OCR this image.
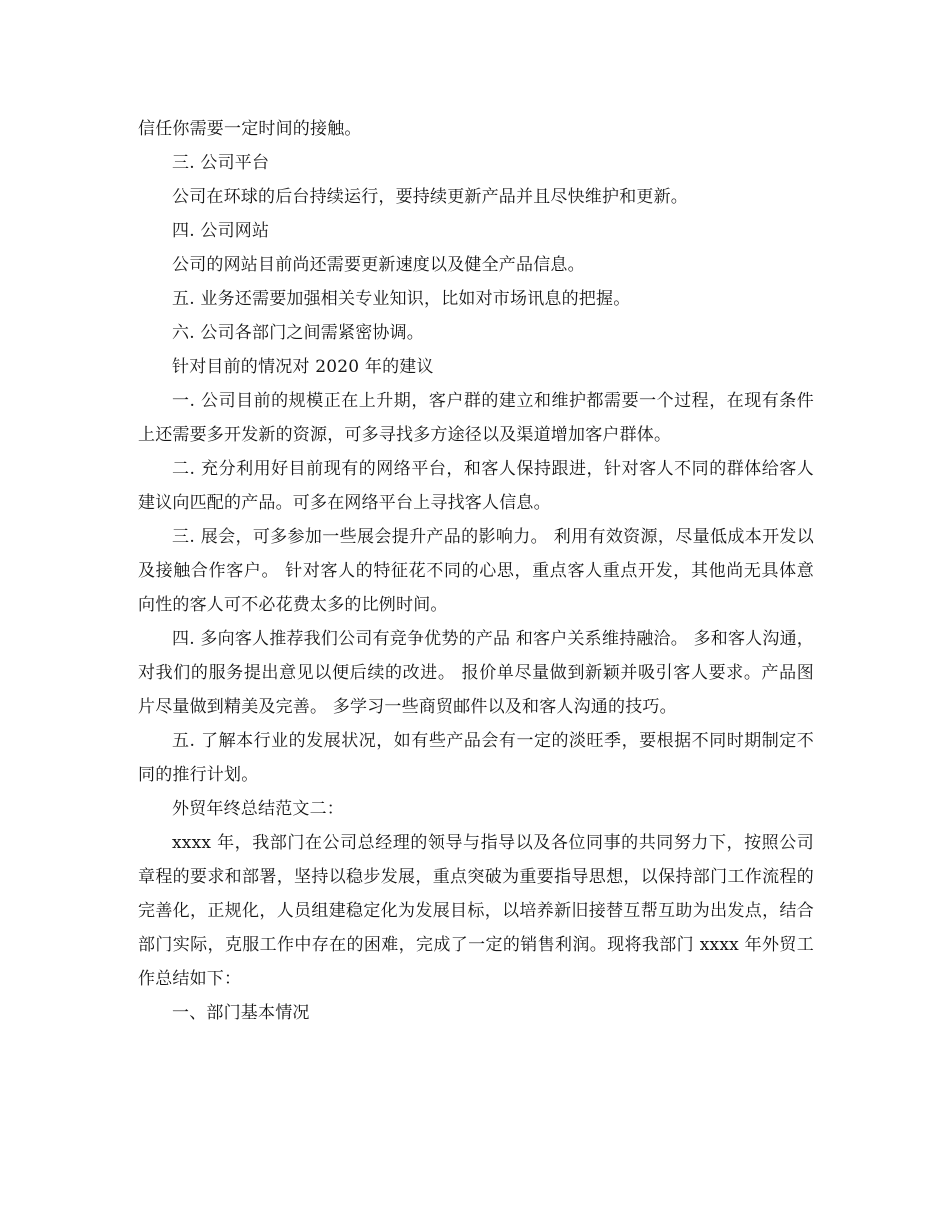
信任你需要一定时间的接触。

三. 公司平台

公司在环球的后台持续运行，要持续更新产品并且尽快维护和更新。

四. 公司网站

公司的网站目前尚还需要更新速度以及健全产品信息。

五. 业务还需要加强相关专业知识，比如对市场讯息的把握。

六. 公司各部门之间需紧密协调。

针对目前的情况对 2020 年的建议

一. 公司目前的规模正在上升期，客户群的建立和维护都需要一个过程，在现有条件上还需要多开发新的资源，可多寻找多方途径以及渠道增加客户群体。

二. 充分利用好目前现有的网络平台，和客人保持跟进，针对客人不同的群体给客人建议向匹配的产品。可多在网络平台上寻找客人信息。

三. 展会，可多参加一些展会提升产品的影响力。 利用有效资源，尽量低成本开发以及接触合作客户。 针对客人的特征花不同的心思，重点客人重点开发，其他尚无具体意向性的客人可不必花费太多的比例时间。

四. 多向客人推荐我们公司有竞争优势的产品 和客户关系维持融洽。 多和客人沟通，对我们的服务提出意见以便后续的改进。 报价单尽量做到新颖并吸引客人要求。产品图片尽量做到精美及完善。 多学习一些商贸邮件以及和客人沟通的技巧。

五. 了解本行业的发展状况，如有些产品会有一定的淡旺季，要根据不同时期制定不同的推行计划。

外贸年终总结范文二：

xxxx 年，我部门在公司总经理的领导与指导以及各位同事的共同努力下，按照公司章程的要求和部署，坚持以稳步发展，重点突破为重要指导思想，以保持部门工作流程的完善化，正规化，人员组建稳定化为发展目标，以培养新旧接替互帮互助为出发点，结合部门实际，克服工作中存在的困难，完成了一定的销售利润。现将我部门 xxxx 年外贸工作总结如下：

一、部门基本情况
